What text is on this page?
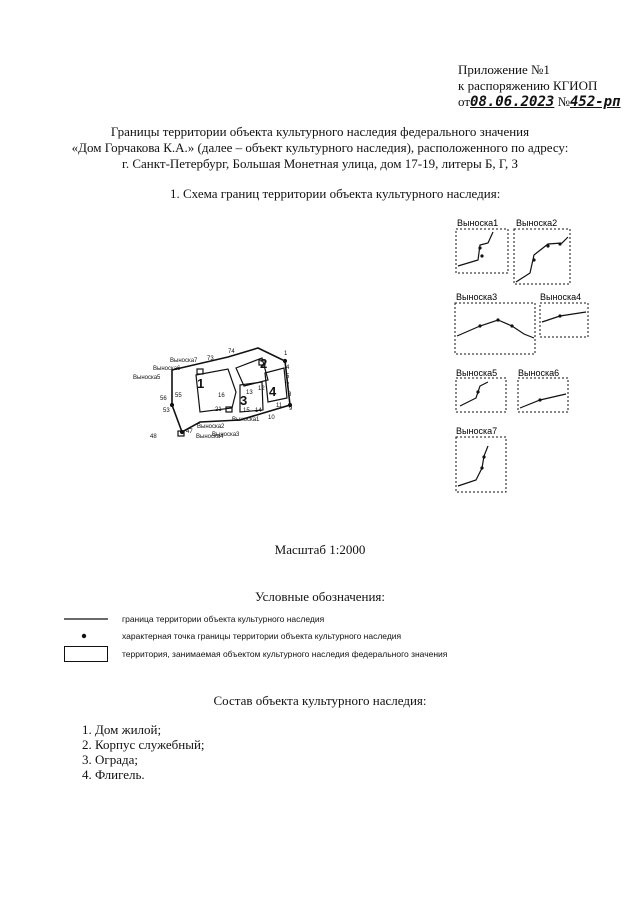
Приложение №1
к распоряжению КГИОП
от08.06.2023 №452-рп
Границы территории объекта культурного наследия федерального значения
«Дом Горчакова К.А.» (далее – объект культурного наследия), расположенного по адресу:
г. Санкт-Петербург, Большая Монетная улица, дом 17-19, литеры Б, Г, З
1. Схема границ территории объекта культурного наследия:
1
2
3
4
Выноска7 73
74
Выноска6
Выноска5
56 55
53
16
21
Выноска1
Выноска2
Выноска3
Выноска4
48
47
1
4
5
7
8
9
10
11
12
13
14
15
Выноска1 Выноска2
Выноска3	Выноска4
Выноска5 Выноска6
Выноска7
Масштаб 1:2000
Условные обозначения:
граница территории объекта культурного наследия
характерная точка границы территории объекта культурного наследия
территория, занимаемая объектом культурного наследия федерального значения
Состав объекта культурного наследия:
1. Дом жилой;
2. Корпус служебный;
3. Ограда;
4. Флигель.
